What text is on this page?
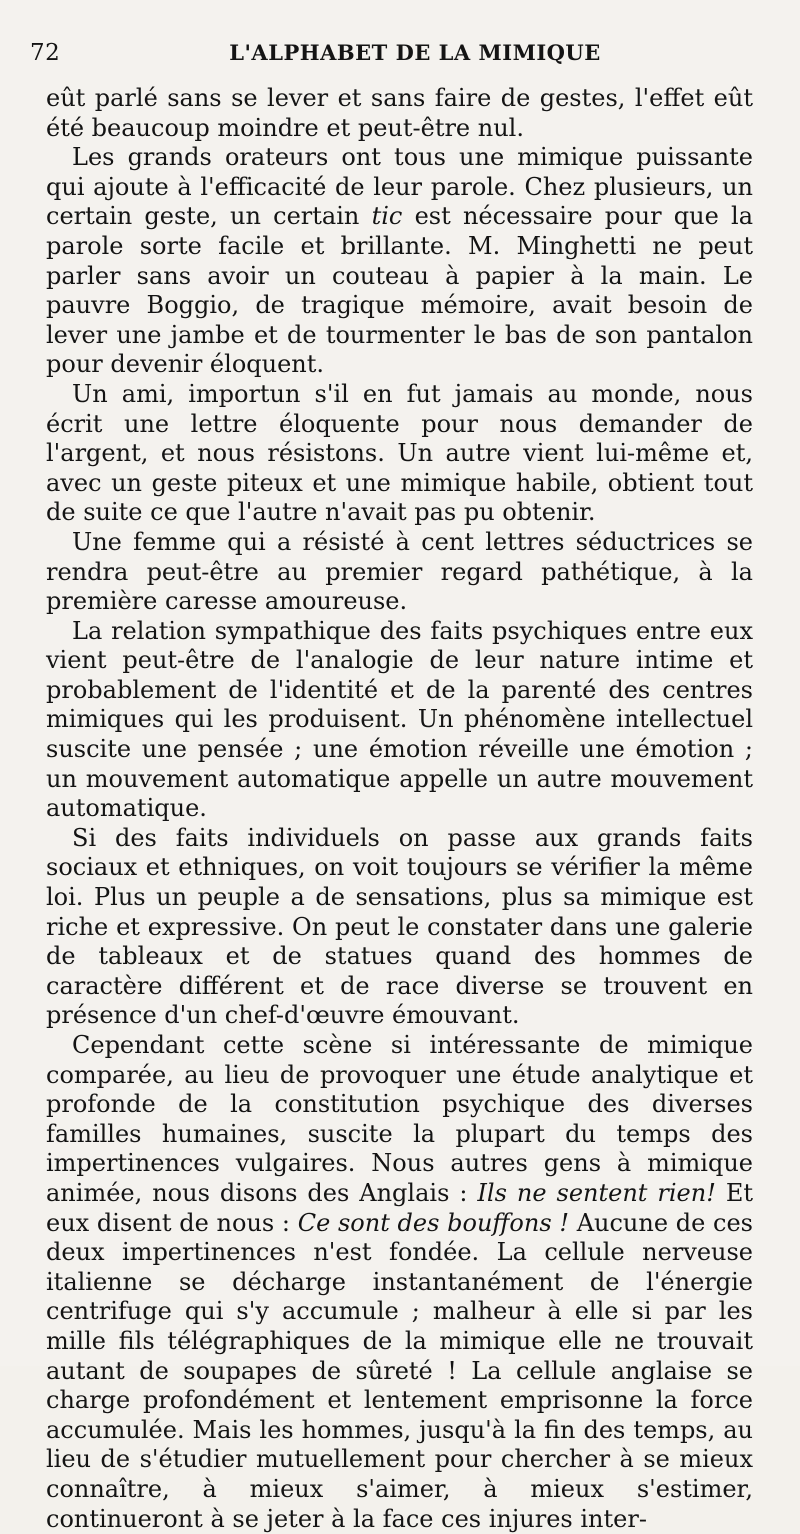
72	L'ALPHABET DE LA MIMIQUE

eût parlé sans se lever et sans faire de gestes, l'effet eût été beaucoup moindre et peut-être nul.

Les grands orateurs ont tous une mimique puissante qui ajoute à l'efficacité de leur parole. Chez plusieurs, un certain geste, un certain tic est nécessaire pour que la parole sorte facile et brillante. M. Minghetti ne peut parler sans avoir un couteau à papier à la main. Le pauvre Boggio, de tragique mémoire, avait besoin de lever une jambe et de tourmenter le bas de son pantalon pour devenir éloquent.

Un ami, importun s'il en fut jamais au monde, nous écrit une lettre éloquente pour nous demander de l'argent, et nous résistons. Un autre vient lui-même et, avec un geste piteux et une mimique habile, obtient tout de suite ce que l'autre n'avait pas pu obtenir.

Une femme qui a résisté à cent lettres séductrices se rendra peut-être au premier regard pathétique, à la première caresse amoureuse.

La relation sympathique des faits psychiques entre eux vient peut-être de l'analogie de leur nature intime et probablement de l'identité et de la parenté des centres mimiques qui les produisent. Un phénomène intellectuel suscite une pensée ; une émotion réveille une émotion ; un mouvement automatique appelle un autre mouvement automatique.

Si des faits individuels on passe aux grands faits sociaux et ethniques, on voit toujours se vérifier la même loi. Plus un peuple a de sensations, plus sa mimique est riche et expressive. On peut le constater dans une galerie de tableaux et de statues quand des hommes de caractère différent et de race diverse se trouvent en présence d'un chef-d'œuvre émouvant.

Cependant cette scène si intéressante de mimique comparée, au lieu de provoquer une étude analytique et profonde de la constitution psychique des diverses familles humaines, suscite la plupart du temps des impertinences vulgaires. Nous autres gens à mimique animée, nous disons des Anglais : Ils ne sentent rien! Et eux disent de nous : Ce sont des bouffons ! Aucune de ces deux impertinences n'est fondée. La cellule nerveuse italienne se décharge instantanément de l'énergie centrifuge qui s'y accumule ; malheur à elle si par les mille fils télégraphiques de la mimique elle ne trouvait autant de soupapes de sûreté ! La cellule anglaise se charge profondément et lentement emprisonne la force accumulée. Mais les hommes, jusqu'à la fin des temps, au lieu de s'étudier mutuellement pour chercher à se mieux connaître, à mieux s'aimer, à mieux s'estimer, continueront à se jeter à la face ces injures inter-
